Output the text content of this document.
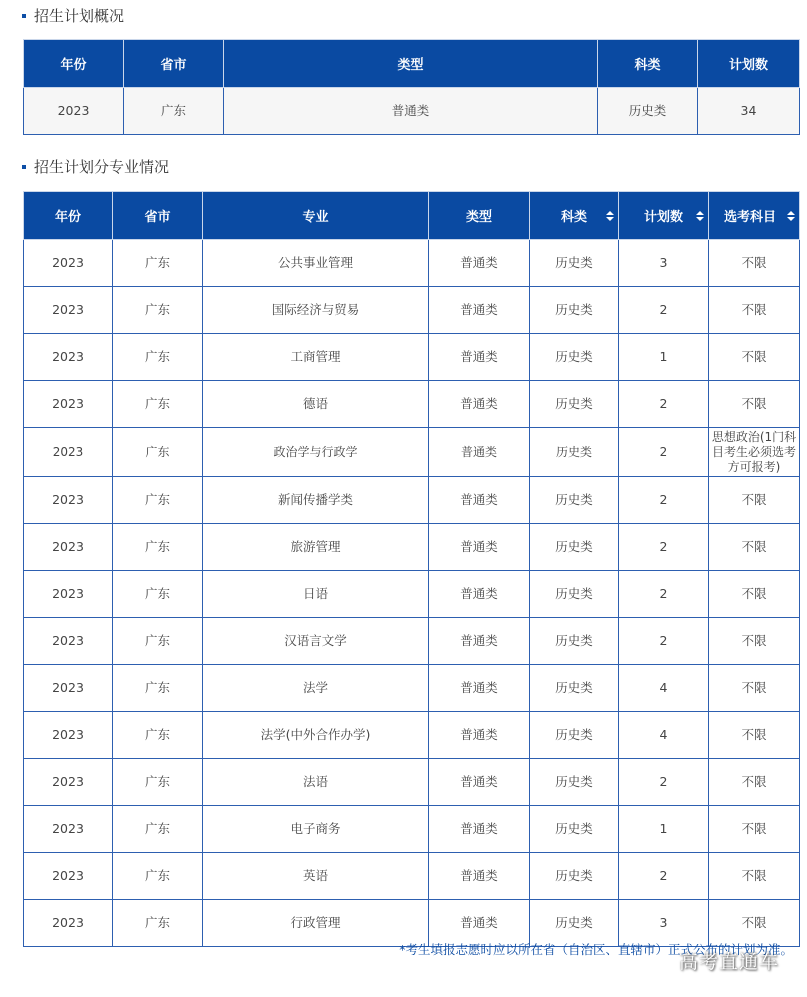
招生计划概况
年份	省市	类型	科类	计划数
2023	广东	普通类	历史类	34
招生计划分专业情况
年份	省市	专业	类型	科类	计划数	选考科目

2023	广东	公共事业管理	普通类	历史类	3	不限
2023	广东	国际经济与贸易	普通类	历史类	2	不限
2023	广东	工商管理	普通类	历史类	1	不限
2023	广东	德语	普通类	历史类	2	不限
2023	广东	政治学与行政学	普通类	历史类	2	思想政治(1门科目考生必须选考方可报考)
2023	广东	新闻传播学类	普通类	历史类	2	不限
2023	广东	旅游管理	普通类	历史类	2	不限
2023	广东	日语	普通类	历史类	2	不限
2023	广东	汉语言文学	普通类	历史类	2	不限
2023	广东	法学	普通类	历史类	4	不限
2023	广东	法学(中外合作办学)	普通类	历史类	4	不限
2023	广东	法语	普通类	历史类	2	不限
2023	广东	电子商务	普通类	历史类	1	不限
2023	广东	英语	普通类	历史类	2	不限
2023	广东	行政管理	普通类	历史类	3	不限
*考生填报志愿时应以所在省（自治区、直辖市）正式公布的计划为准。
高考直通车
